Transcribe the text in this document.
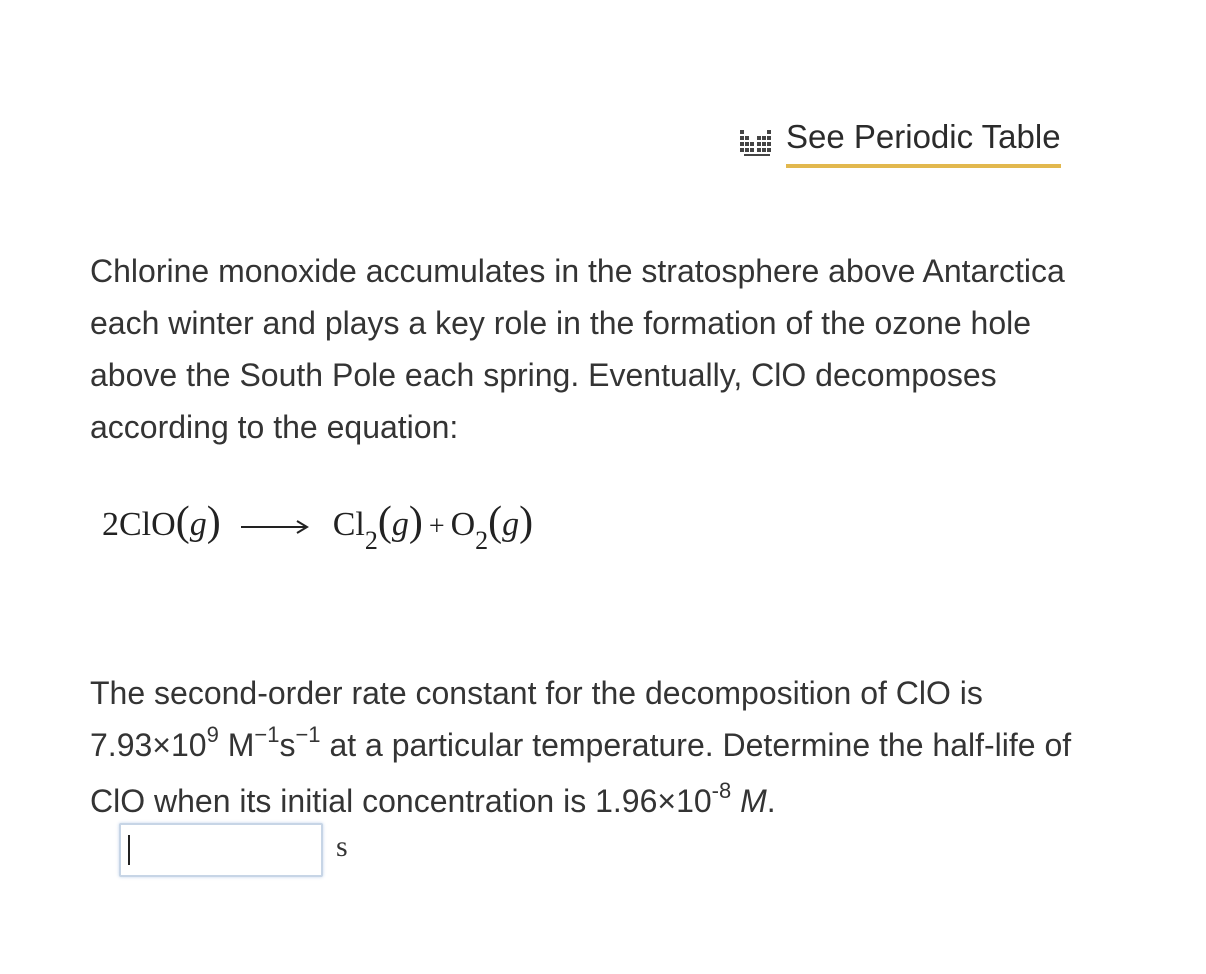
See Periodic Table

Chlorine monoxide accumulates in the stratosphere above Antarctica each winter and plays a key role in the formation of the ozone hole above the South Pole each spring. Eventually, ClO decomposes according to the equation:

2 ClO ( g ) → Cl 2 ( g ) + O 2 ( g )

The second-order rate constant for the decomposition of ClO is $7.93\times 10^9$ $M^{-1}s^{-1}$ at a particular temperature. Determine the half-life of ClO when its initial concentration is $1.96\times 10^{-8}$ M.

s
